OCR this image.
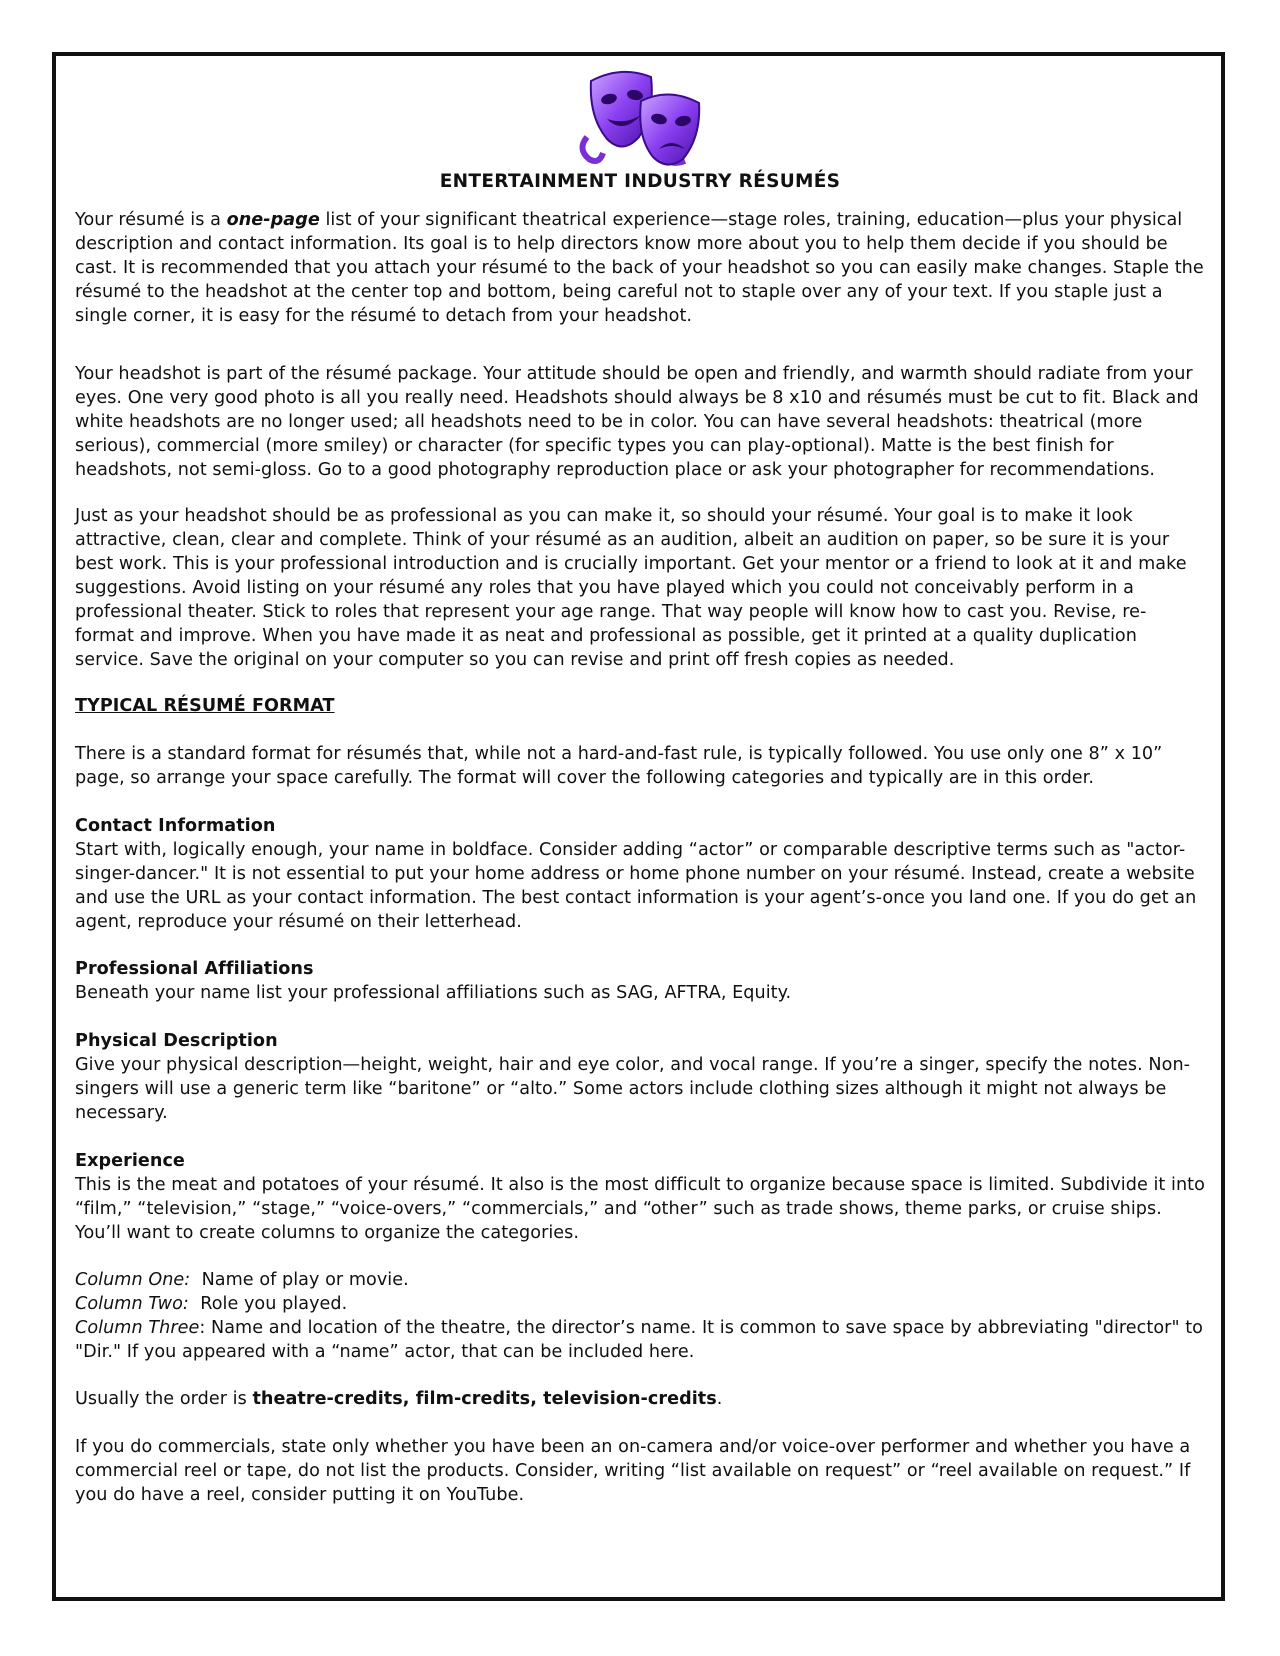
ENTERTAINMENT INDUSTRY RÉSUMÉS

Your résumé is a one-page list of your significant theatrical experience—stage roles, training, education—plus your physical description and contact information. Its goal is to help directors know more about you to help them decide if you should be cast. It is recommended that you attach your résumé to the back of your headshot so you can easily make changes. Staple the résumé to the headshot at the center top and bottom, being careful not to staple over any of your text. If you staple just a single corner, it is easy for the résumé to detach from your headshot.

Your headshot is part of the résumé package. Your attitude should be open and friendly, and warmth should radiate from your eyes. One very good photo is all you really need. Headshots should always be 8 x10 and résumés must be cut to fit. Black and white headshots are no longer used; all headshots need to be in color. You can have several headshots: theatrical (more serious), commercial (more smiley) or character (for specific types you can play-optional). Matte is the best finish for headshots, not semi-gloss. Go to a good photography reproduction place or ask your photographer for recommendations.

Just as your headshot should be as professional as you can make it, so should your résumé. Your goal is to make it look attractive, clean, clear and complete. Think of your résumé as an audition, albeit an audition on paper, so be sure it is your best work. This is your professional introduction and is crucially important. Get your mentor or a friend to look at it and make suggestions. Avoid listing on your résumé any roles that you have played which you could not conceivably perform in a professional theater. Stick to roles that represent your age range. That way people will know how to cast you. Revise, re-format and improve. When you have made it as neat and professional as possible, get it printed at a quality duplication service. Save the original on your computer so you can revise and print off fresh copies as needed.

TYPICAL RÉSUMÉ FORMAT

There is a standard format for résumés that, while not a hard-and-fast rule, is typically followed. You use only one 8” x 10” page, so arrange your space carefully. The format will cover the following categories and typically are in this order.

Contact Information

Start with, logically enough, your name in boldface. Consider adding “actor” or comparable descriptive terms such as "actor-singer-dancer." It is not essential to put your home address or home phone number on your résumé. Instead, create a website and use the URL as your contact information. The best contact information is your agent’s-once you land one. If you do get an agent, reproduce your résumé on their letterhead.

Professional Affiliations

Beneath your name list your professional affiliations such as SAG, AFTRA, Equity.

Physical Description

Give your physical description—height, weight, hair and eye color, and vocal range. If you’re a singer, specify the notes. Non-singers will use a generic term like “baritone” or “alto.” Some actors include clothing sizes although it might not always be necessary.

Experience

This is the meat and potatoes of your résumé. It also is the most difficult to organize because space is limited. Subdivide it into “film,” “television,” “stage,” “voice-overs,” “commercials,” and “other” such as trade shows, theme parks, or cruise ships. You’ll want to create columns to organize the categories.

Column One:  Name of play or movie.

Column Two:  Role you played.

Column Three: Name and location of the theatre, the director’s name. It is common to save space by abbreviating "director" to "Dir." If you appeared with a “name” actor, that can be included here.

Usually the order is theatre-credits, film-credits, television-credits.

If you do commercials, state only whether you have been an on-camera and/or voice-over performer and whether you have a commercial reel or tape, do not list the products. Consider, writing “list available on request” or “reel available on request.” If you do have a reel, consider putting it on YouTube.
